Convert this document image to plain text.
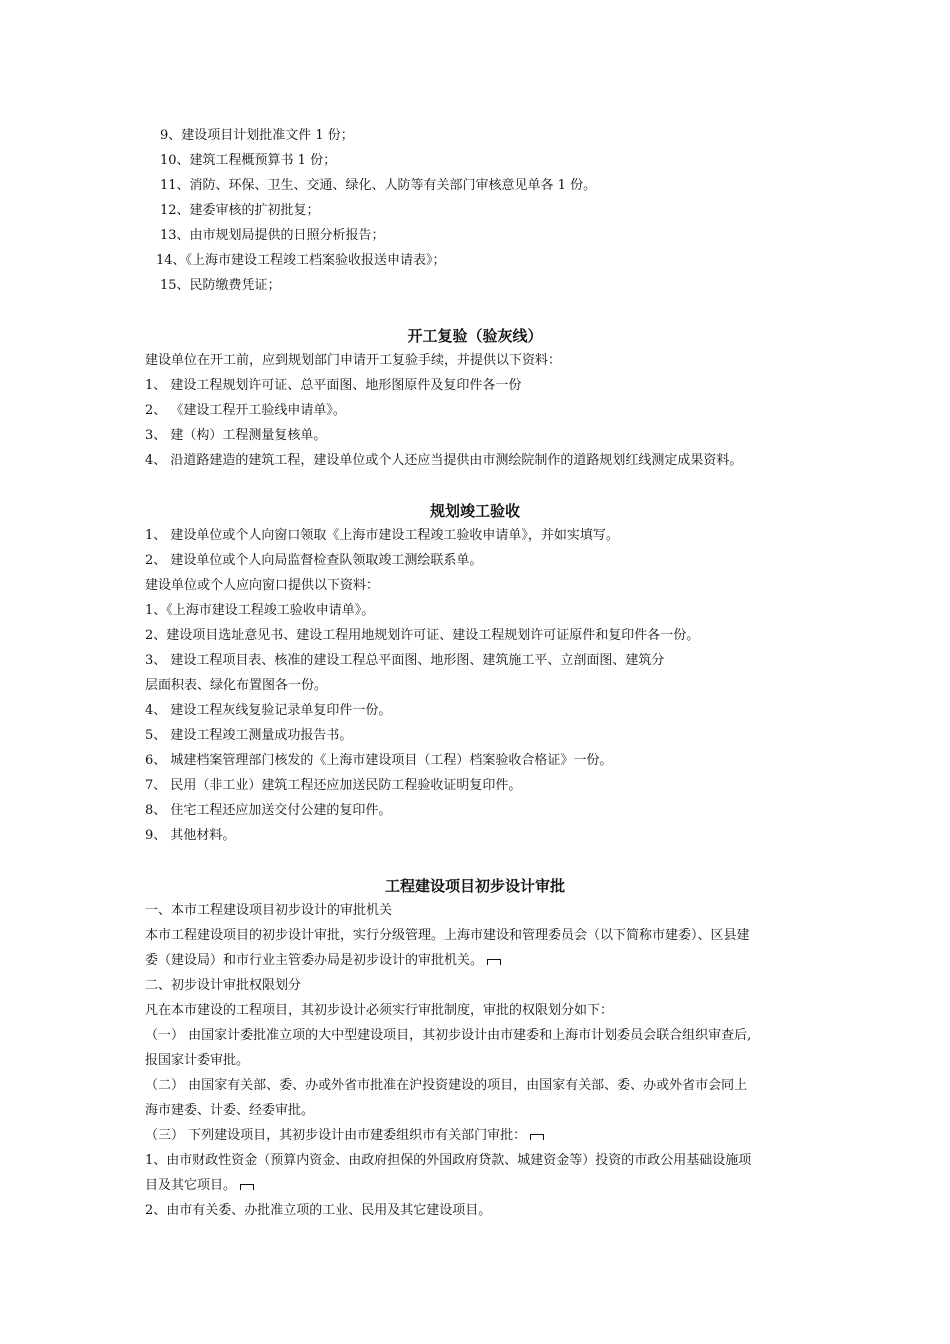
9、建设项目计划批准文件 1 份；
10、建筑工程概预算书 1 份；
11、消防、环保、卫生、交通、绿化、人防等有关部门审核意见单各 1 份。
12、建委审核的扩初批复；
13、由市规划局提供的日照分析报告；
14、《上海市建设工程竣工档案验收报送申请表》；
15、民防缴费凭证；
开工复验（验灰线）
建设单位在开工前，应到规划部门申请开工复验手续，并提供以下资料：
1、 建设工程规划许可证、总平面图、地形图原件及复印件各一份
2、 《建设工程开工验线申请单》。
3、 建（构）工程测量复核单。
4、 沿道路建造的建筑工程，建设单位或个人还应当提供由市测绘院制作的道路规划红线测定成果资料。
规划竣工验收
1、 建设单位或个人向窗口领取《上海市建设工程竣工验收申请单》，并如实填写。
2、 建设单位或个人向局监督检查队领取竣工测绘联系单。
建设单位或个人应向窗口提供以下资料：
1、《上海市建设工程竣工验收申请单》。
2、建设项目选址意见书、建设工程用地规划许可证、建设工程规划许可证原件和复印件各一份。
3、 建设工程项目表、核准的建设工程总平面图、地形图、建筑施工平、立剖面图、建筑分
层面积表、绿化布置图各一份。
4、 建设工程灰线复验记录单复印件一份。
5、 建设工程竣工测量成功报告书。
6、 城建档案管理部门核发的《上海市建设项目（工程）档案验收合格证》一份。
7、 民用（非工业）建筑工程还应加送民防工程验收证明复印件。
8、 住宅工程还应加送交付公建的复印件。
9、 其他材料。
工程建设项目初步设计审批
一、本市工程建设项目初步设计的审批机关
本市工程建设项目的初步设计审批，实行分级管理。上海市建设和管理委员会（以下简称市建委）、区县建
委（建设局）和市行业主管委办局是初步设计的审批机关。
二、初步设计审批权限划分
凡在本市建设的工程项目，其初步设计必须实行审批制度，审批的权限划分如下：
（一） 由国家计委批准立项的大中型建设项目，其初步设计由市建委和上海市计划委员会联合组织审查后,
报国家计委审批。
（二） 由国家有关部、委、办或外省市批准在沪投资建设的项目，由国家有关部、委、办或外省市会同上
海市建委、计委、经委审批。
（三） 下列建设项目，其初步设计由市建委组织市有关部门审批：
1、由市财政性资金（预算内资金、由政府担保的外国政府贷款、城建资金等）投资的市政公用基础设施项
目及其它项目。
2、由市有关委、办批准立项的工业、民用及其它建设项目。
